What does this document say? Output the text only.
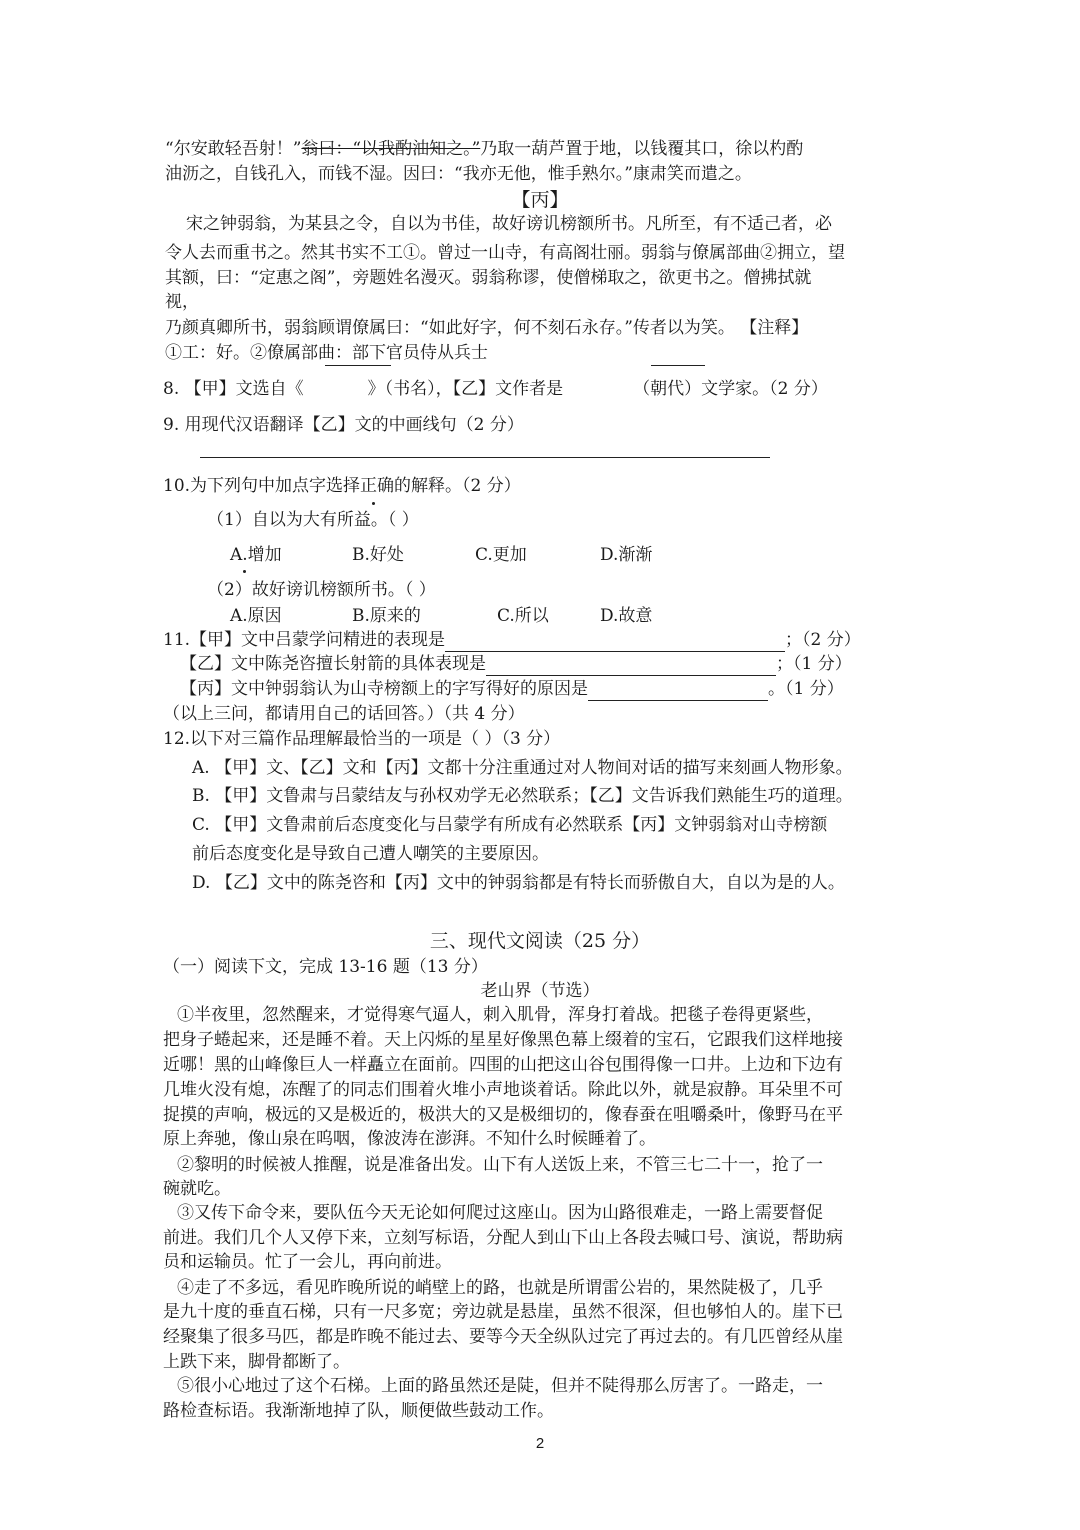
“尔安敢轻吾射！”翁曰：“以我酌油知之。”乃取一葫芦置于地，以钱覆其口，徐以杓酌
油沥之，自钱孔入，而钱不湿。因曰：“我亦无他，惟手熟尔。”康肃笑而遣之。
【丙】
宋之钟弱翁，为某县之令，自以为书佳，故好谤讥榜额所书。凡所至，有不适己者，必
令人去而重书之。然其书实不工①。曾过一山寺，有高阁壮丽。弱翁与僚属部曲②拥立，望
其额，曰：“定惠之阁”，旁题姓名漫灭。弱翁称谬，使僧梯取之，欲更书之。僧拂拭就
视，
乃颜真卿所书，弱翁顾谓僚属曰：“如此好字，何不刻石永存。”传者以为笑。 【注释】
①工：好。②僚属部曲：部下官员侍从兵士
8. 【甲】文选自《	》（书名），【乙】文作者是	（朝代）文学家。（2 分）
9. 用现代汉语翻译【乙】文的中画线句（2 分）
10.为下列句中加点字选择正确的解释。（2 分）
（1）自以为大有所益。（ ）
A.增加	B.好处	C.更加	D.渐渐
（2）故好谤讥榜额所书。（ ）
A.原因	B.原来的	C.所以	D.故意
11.【甲】文中吕蒙学问精进的表现是	；（2 分）
【乙】文中陈尧咨擅长射箭的具体表现是	；（1 分）
【丙】文中钟弱翁认为山寺榜额上的字写得好的原因是	。（1 分）
（以上三问，都请用自己的话回答。）（共 4 分）
12.以下对三篇作品理解最恰当的一项是（ ）（3 分）
A. 【甲】文、【乙】文和【丙】文都十分注重通过对人物间对话的描写来刻画人物形象。
B. 【甲】文鲁肃与吕蒙结友与孙权劝学无必然联系；【乙】文告诉我们熟能生巧的道理。
C. 【甲】文鲁肃前后态度变化与吕蒙学有所成有必然联系【丙】文钟弱翁对山寺榜额
前后态度变化是导致自己遭人嘲笑的主要原因。
D. 【乙】文中的陈尧咨和【丙】文中的钟弱翁都是有特长而骄傲自大，自以为是的人。
三、现代文阅读（25 分）
（一）阅读下文，完成 13-16 题（13 分）
老山界（节选）
①半夜里，忽然醒来，才觉得寒气逼人，刺入肌骨，浑身打着战。把毯子卷得更紧些，
把身子蜷起来，还是睡不着。天上闪烁的星星好像黑色幕上缀着的宝石，它跟我们这样地接
近哪！黑的山峰像巨人一样矗立在面前。四围的山把这山谷包围得像一口井。上边和下边有
几堆火没有熄，冻醒了的同志们围着火堆小声地谈着话。除此以外，就是寂静。耳朵里不可
捉摸的声响，极远的又是极近的，极洪大的又是极细切的，像春蚕在咀嚼桑叶，像野马在平
原上奔驰，像山泉在呜咽，像波涛在澎湃。不知什么时候睡着了。
②黎明的时候被人推醒，说是准备出发。山下有人送饭上来，不管三七二十一，抢了一
碗就吃。
③又传下命令来，要队伍今天无论如何爬过这座山。因为山路很难走，一路上需要督促
前进。我们几个人又停下来，立刻写标语，分配人到山下山上各段去喊口号、演说，帮助病
员和运输员。忙了一会儿，再向前进。
④走了不多远，看见昨晚所说的峭壁上的路，也就是所谓雷公岩的，果然陡极了，几乎
是九十度的垂直石梯，只有一尺多宽；旁边就是悬崖，虽然不很深，但也够怕人的。崖下已
经聚集了很多马匹，都是昨晚不能过去、要等今天全纵队过完了再过去的。有几匹曾经从崖
上跌下来，脚骨都断了。
⑤很小心地过了这个石梯。上面的路虽然还是陡，但并不陡得那么厉害了。一路走，一
路检查标语。我渐渐地掉了队，顺便做些鼓动工作。
2
